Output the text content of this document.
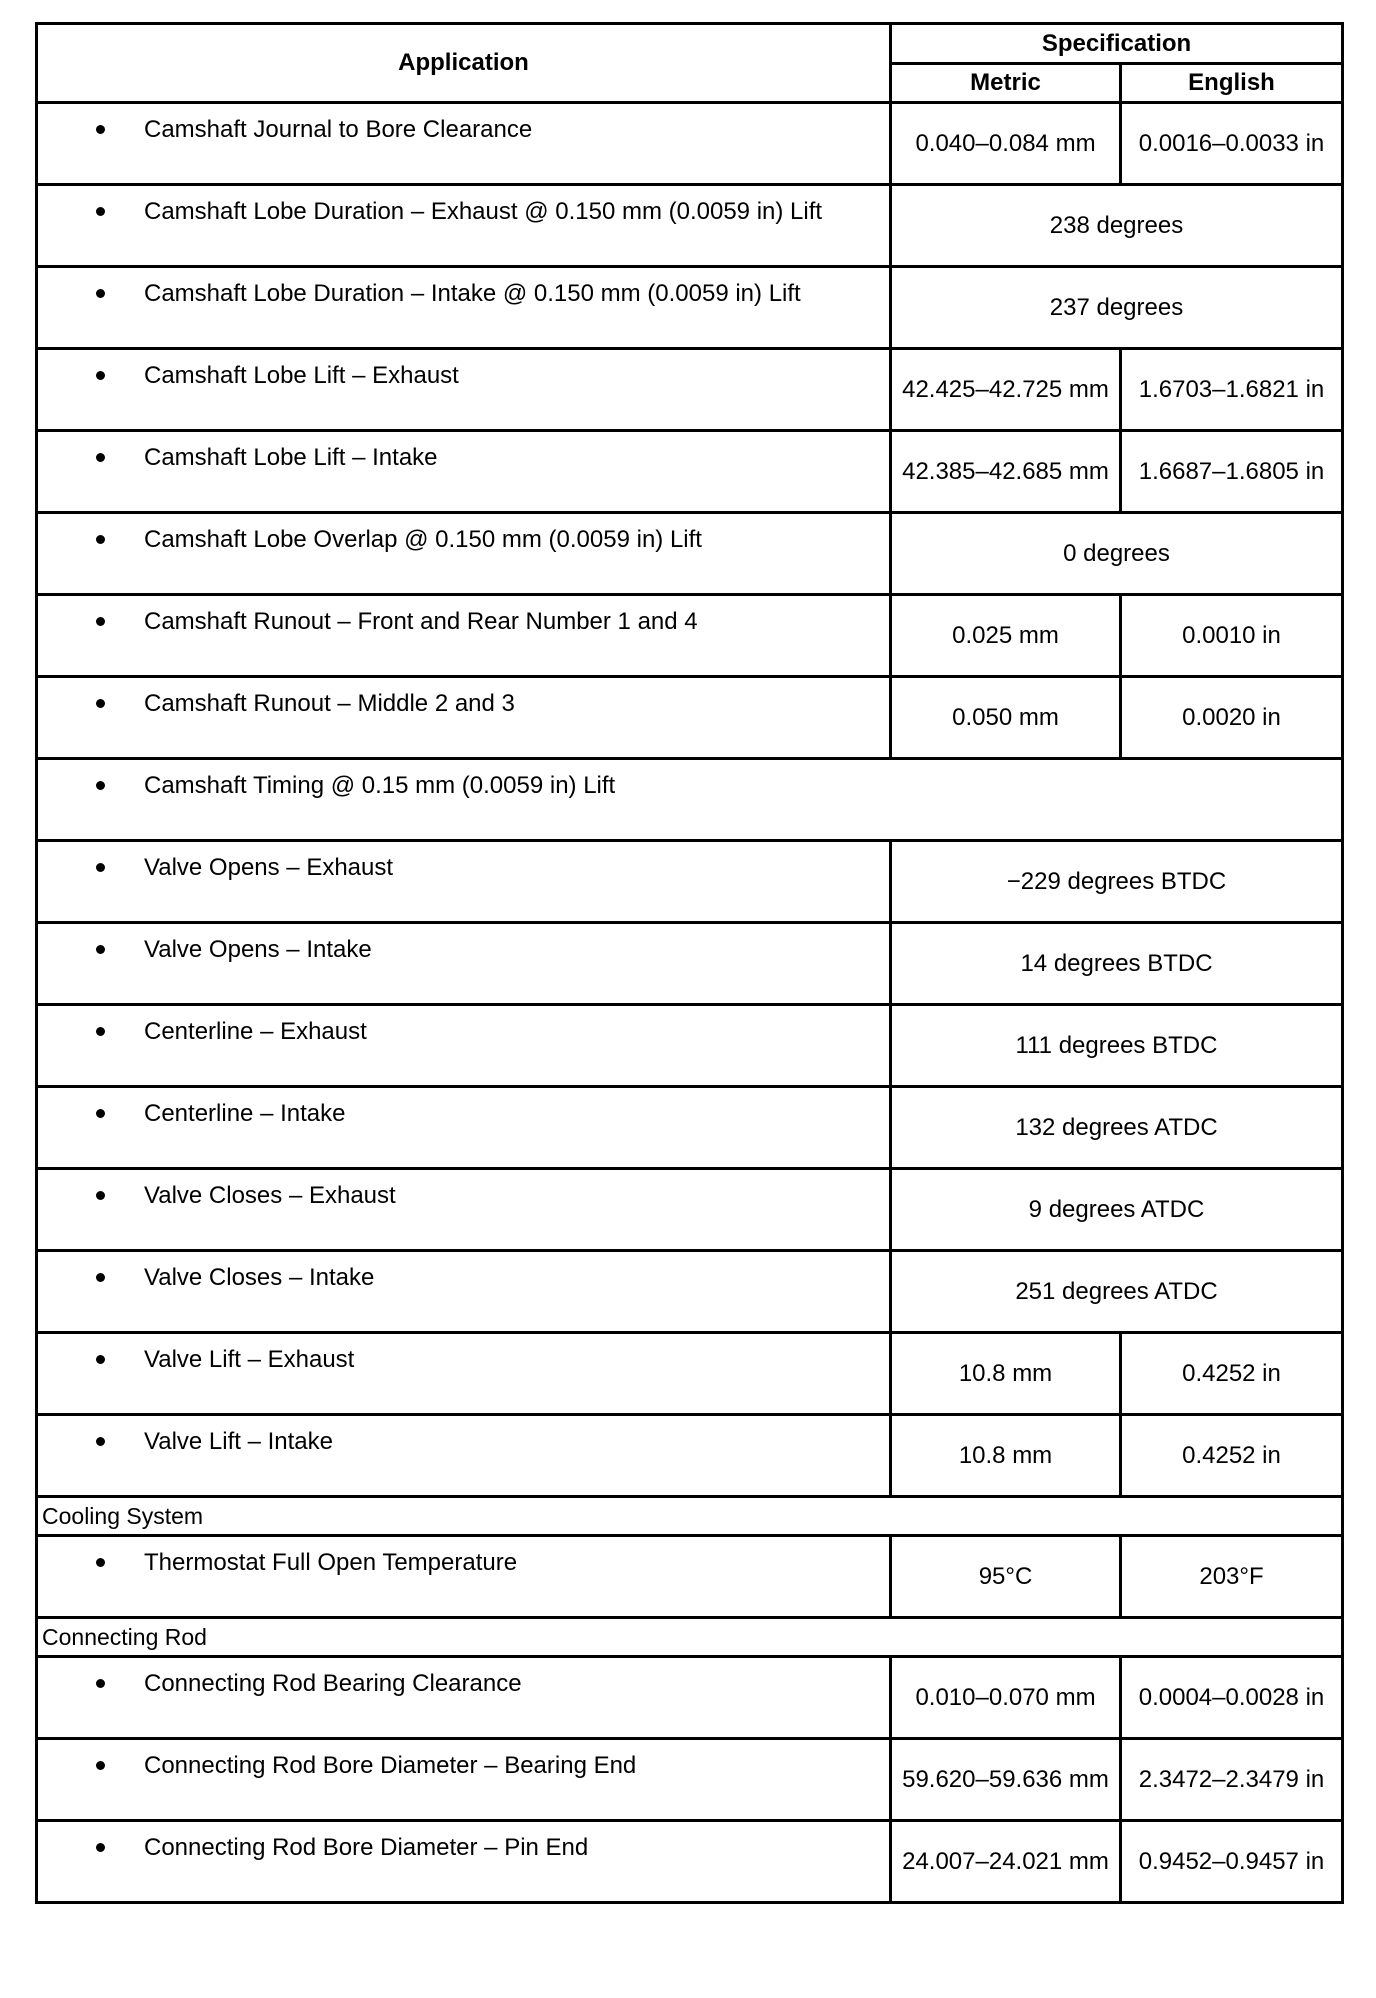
Application	Specification	
	Metric	English

Camshaft Journal to Bore Clearance	0.040–0.084 mm	0.0016–0.0033 in

Camshaft Lobe Duration – Exhaust @ 0.150 mm (0.0059 in) Lift	238 degrees	

Camshaft Lobe Duration – Intake @ 0.150 mm (0.0059 in) Lift	237 degrees	

Camshaft Lobe Lift – Exhaust	42.425–42.725 mm	1.6703–1.6821 in

Camshaft Lobe Lift – Intake	42.385–42.685 mm	1.6687–1.6805 in

Camshaft Lobe Overlap @ 0.150 mm (0.0059 in) Lift	0 degrees	

Camshaft Runout – Front and Rear Number 1 and 4	0.025 mm	0.0010 in

Camshaft Runout – Middle 2 and 3	0.050 mm	0.0020 in

Camshaft Timing @ 0.15 mm (0.0059 in) Lift		

Valve Opens – Exhaust	−229 degrees BTDC	

Valve Opens – Intake	14 degrees BTDC	

Centerline – Exhaust	111 degrees BTDC	

Centerline – Intake	132 degrees ATDC	

Valve Closes – Exhaust	9 degrees ATDC	

Valve Closes – Intake	251 degrees ATDC	

Valve Lift – Exhaust	10.8 mm	0.4252 in

Valve Lift – Intake	10.8 mm	0.4252 in
Cooling System		

Thermostat Full Open Temperature	95°C	203°F
Connecting Rod		

Connecting Rod Bearing Clearance	0.010–0.070 mm	0.0004–0.0028 in

Connecting Rod Bore Diameter – Bearing End	59.620–59.636 mm	2.3472–2.3479 in

Connecting Rod Bore Diameter – Pin End	24.007–24.021 mm	0.9452–0.9457 in
